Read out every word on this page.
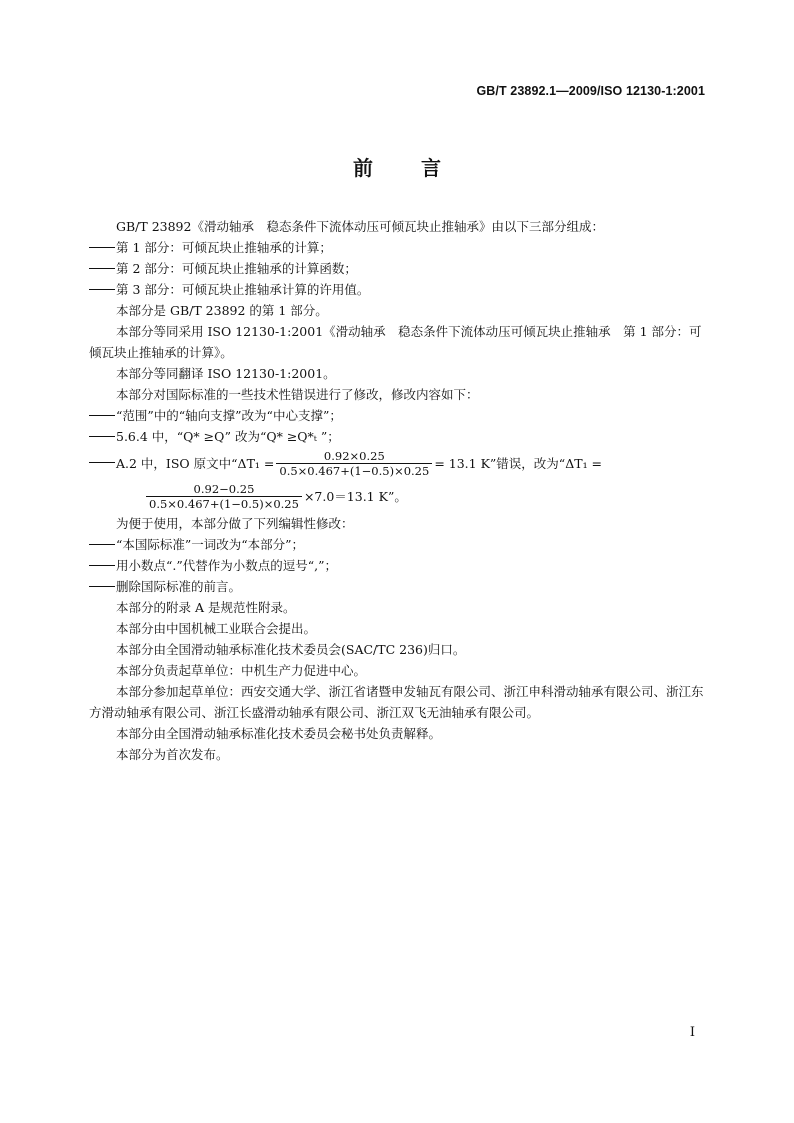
GB/T 23892.1—2009/ISO 12130-1:2001
前言

GB/T 23892《滑动轴承　稳态条件下流体动压可倾瓦块止推轴承》由以下三部分组成：

第 1 部分：可倾瓦块止推轴承的计算；

第 2 部分：可倾瓦块止推轴承的计算函数；

第 3 部分：可倾瓦块止推轴承计算的许用值。

本部分是 GB/T 23892 的第 1 部分。

本部分等同采用 ISO 12130-1:2001《滑动轴承　稳态条件下流体动压可倾瓦块止推轴承　第 1 部分：可倾瓦块止推轴承的计算》。

本部分等同翻译 ISO 12130-1:2001。

本部分对国际标准的一些技术性错误进行了修改，修改内容如下：

“范围”中的“轴向支撑”改为“中心支撑”；

5.6.4 中，“Q* ≥Q” 改为“Q* ≥Q*ₜ ”；

A.2 中，ISO 原文中“$\Delta T_1 = \frac{0.92\times 0.25}{0.5\times 0.467+(1-0.5)\times 0.25} = 13.1$ K”错误，改为“ΔT₁ =
$\frac{0.92-0.25}{0.5\times 0.467+(1-0.5)\times 0.25} \times 7.0=13.1$ K”。

为便于使用，本部分做了下列编辑性修改：

“本国际标准”一词改为“本部分”；

用小数点“.”代替作为小数点的逗号“,”；

删除国际标准的前言。

本部分的附录 A 是规范性附录。

本部分由中国机械工业联合会提出。

本部分由全国滑动轴承标准化技术委员会(SAC/TC 236)归口。

本部分负责起草单位：中机生产力促进中心。

本部分参加起草单位：西安交通大学、浙江省诸暨申发轴瓦有限公司、浙江申科滑动轴承有限公司、浙江东方滑动轴承有限公司、浙江长盛滑动轴承有限公司、浙江双飞无油轴承有限公司。

本部分由全国滑动轴承标准化技术委员会秘书处负责解释。

本部分为首次发布。

I
